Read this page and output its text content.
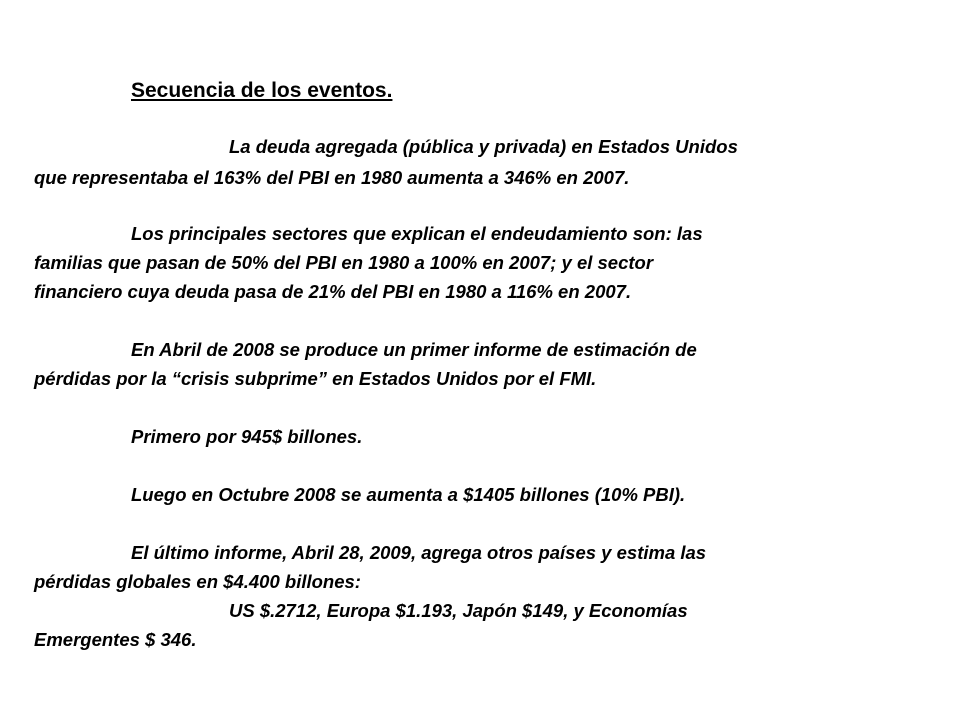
Secuencia de los eventos.
La deuda agregada (pública y privada) en Estados Unidos
que representaba el 163% del PBI en 1980 aumenta a 346% en 2007.
Los principales sectores que explican el endeudamiento son: las
familias que pasan de 50% del PBI en 1980 a 100% en 2007; y el sector
financiero cuya deuda pasa de 21% del PBI en 1980 a 116% en 2007.
En Abril de 2008 se produce un primer informe de estimación de
pérdidas por la “crisis subprime” en Estados Unidos por el FMI.
Primero por 945$ billones.
Luego en Octubre 2008 se aumenta a $1405 billones (10% PBI).
El último informe, Abril 28, 2009, agrega otros países y estima las
pérdidas globales en $4.400 billones:
US $.2712, Europa $1.193, Japón $149, y Economías
Emergentes $ 346.
